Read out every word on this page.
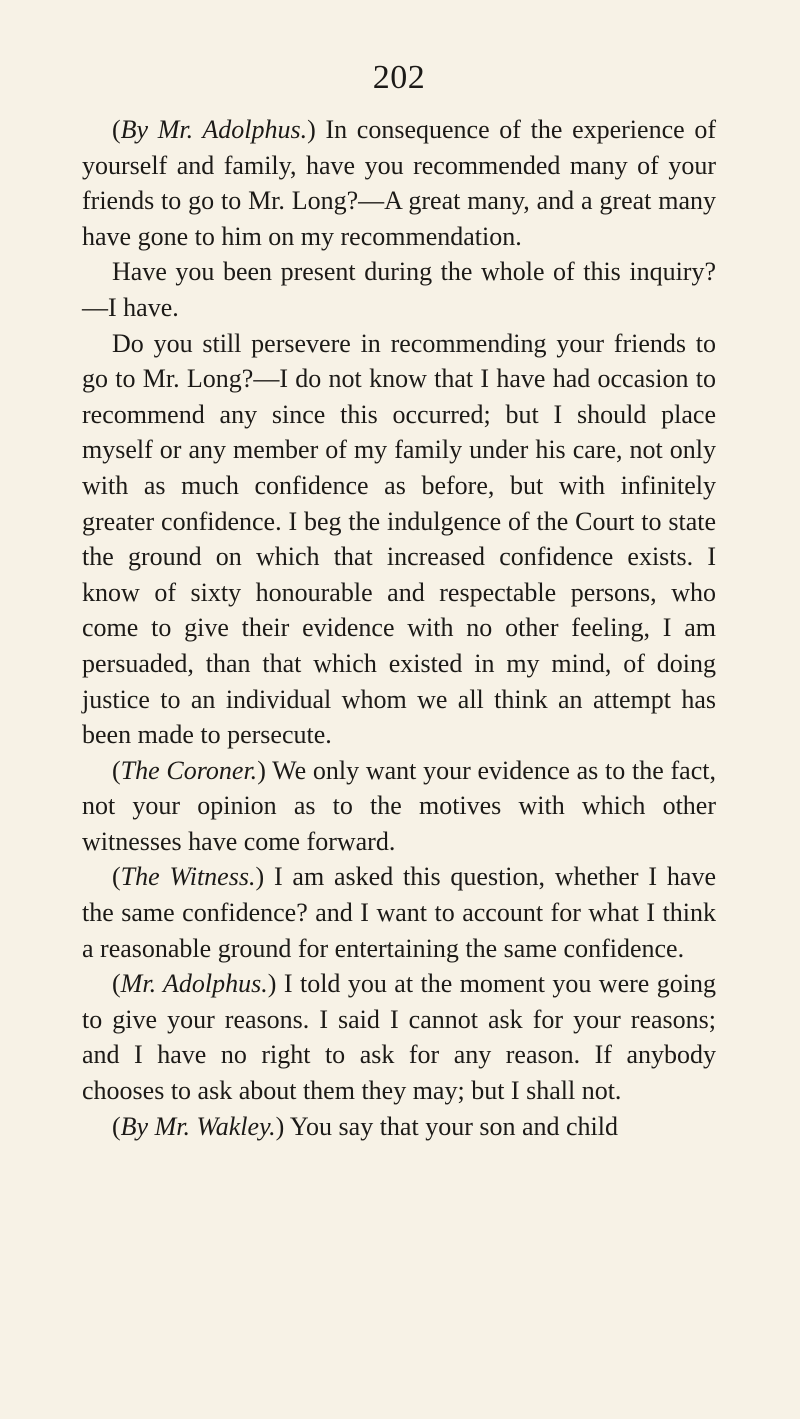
202

(By Mr. Adolphus.) In consequence of the experience of yourself and family, have you recommended many of your friends to go to Mr. Long?—A great many, and a great many have gone to him on my recommendation.

Have you been present during the whole of this inquiry?—I have.

Do you still persevere in recommending your friends to go to Mr. Long?—I do not know that I have had occasion to recommend any since this occurred; but I should place myself or any member of my family under his care, not only with as much confidence as before, but with infinitely greater confidence. I beg the indulgence of the Court to state the ground on which that increased confidence exists. I know of sixty honourable and respectable persons, who come to give their evidence with no other feeling, I am persuaded, than that which existed in my mind, of doing justice to an individual whom we all think an attempt has been made to persecute.

(The Coroner.) We only want your evidence as to the fact, not your opinion as to the motives with which other witnesses have come forward.

(The Witness.) I am asked this question, whether I have the same confidence? and I want to account for what I think a reasonable ground for entertaining the same confidence.

(Mr. Adolphus.) I told you at the moment you were going to give your reasons. I said I cannot ask for your reasons; and I have no right to ask for any reason. If anybody chooses to ask about them they may; but I shall not.

(By Mr. Wakley.) You say that your son and child
